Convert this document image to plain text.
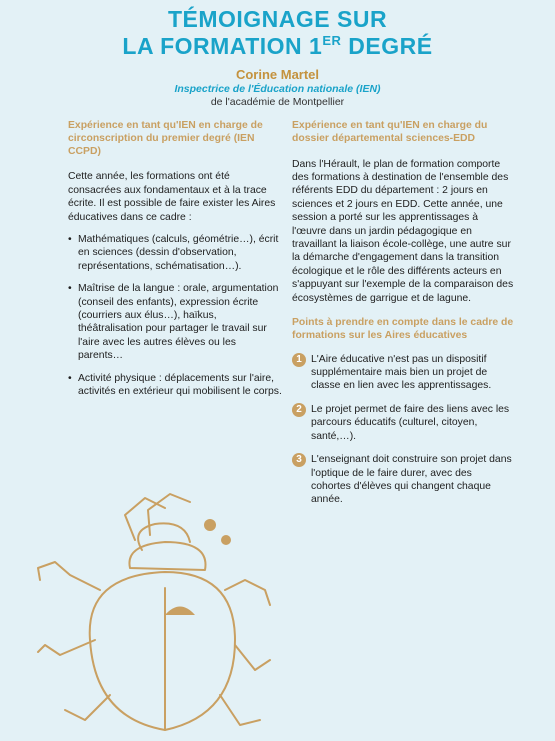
TÉMOIGNAGE SUR
LA FORMATION 1ER DEGRÉ
Corine Martel
Inspectrice de l'Éducation nationale (IEN)
de l'académie de Montpellier
Expérience en tant qu'IEN en charge de circonscription du premier degré (IEN CCPD)

Cette année, les formations ont été consacrées aux fondamentaux et à la trace écrite. Il est possible de faire exister les Aires éducatives dans ce cadre :

• Mathématiques (calculs, géométrie…), écrit en sciences (dessin d'observation, représentations, schématisation…).
• Maîtrise de la langue : orale, argumentation (conseil des enfants), expression écrite (courriers aux élus…), haïkus, théâtralisation pour partager le travail sur l'aire avec les autres élèves ou les parents…
• Activité physique : déplacements sur l'aire, activités en extérieur qui mobilisent le corps.
Expérience en tant qu'IEN en charge du dossier départemental sciences-EDD

Dans l'Hérault, le plan de formation comporte des formations à destination de l'ensemble des référents EDD du département : 2 jours en sciences et 2 jours en EDD. Cette année, une session a porté sur les apprentissages à l'œuvre dans un jardin pédagogique en travaillant la liaison école-collège, une autre sur la démarche d'engagement dans la transition écologique et le rôle des différents acteurs en s'appuyant sur l'exemple de la comparaison des écosystèmes de garrigue et de lagune.

Points à prendre en compte dans le cadre de formations sur les Aires éducatives
1 L'Aire éducative n'est pas un dispositif supplémentaire mais bien un projet de classe en lien avec les apprentissages.
2 Le projet permet de faire des liens avec les parcours éducatifs (culturel, citoyen, santé,…).
3 L'enseignant doit construire son projet dans l'optique de le faire durer, avec des cohortes d'élèves qui changent chaque année.
